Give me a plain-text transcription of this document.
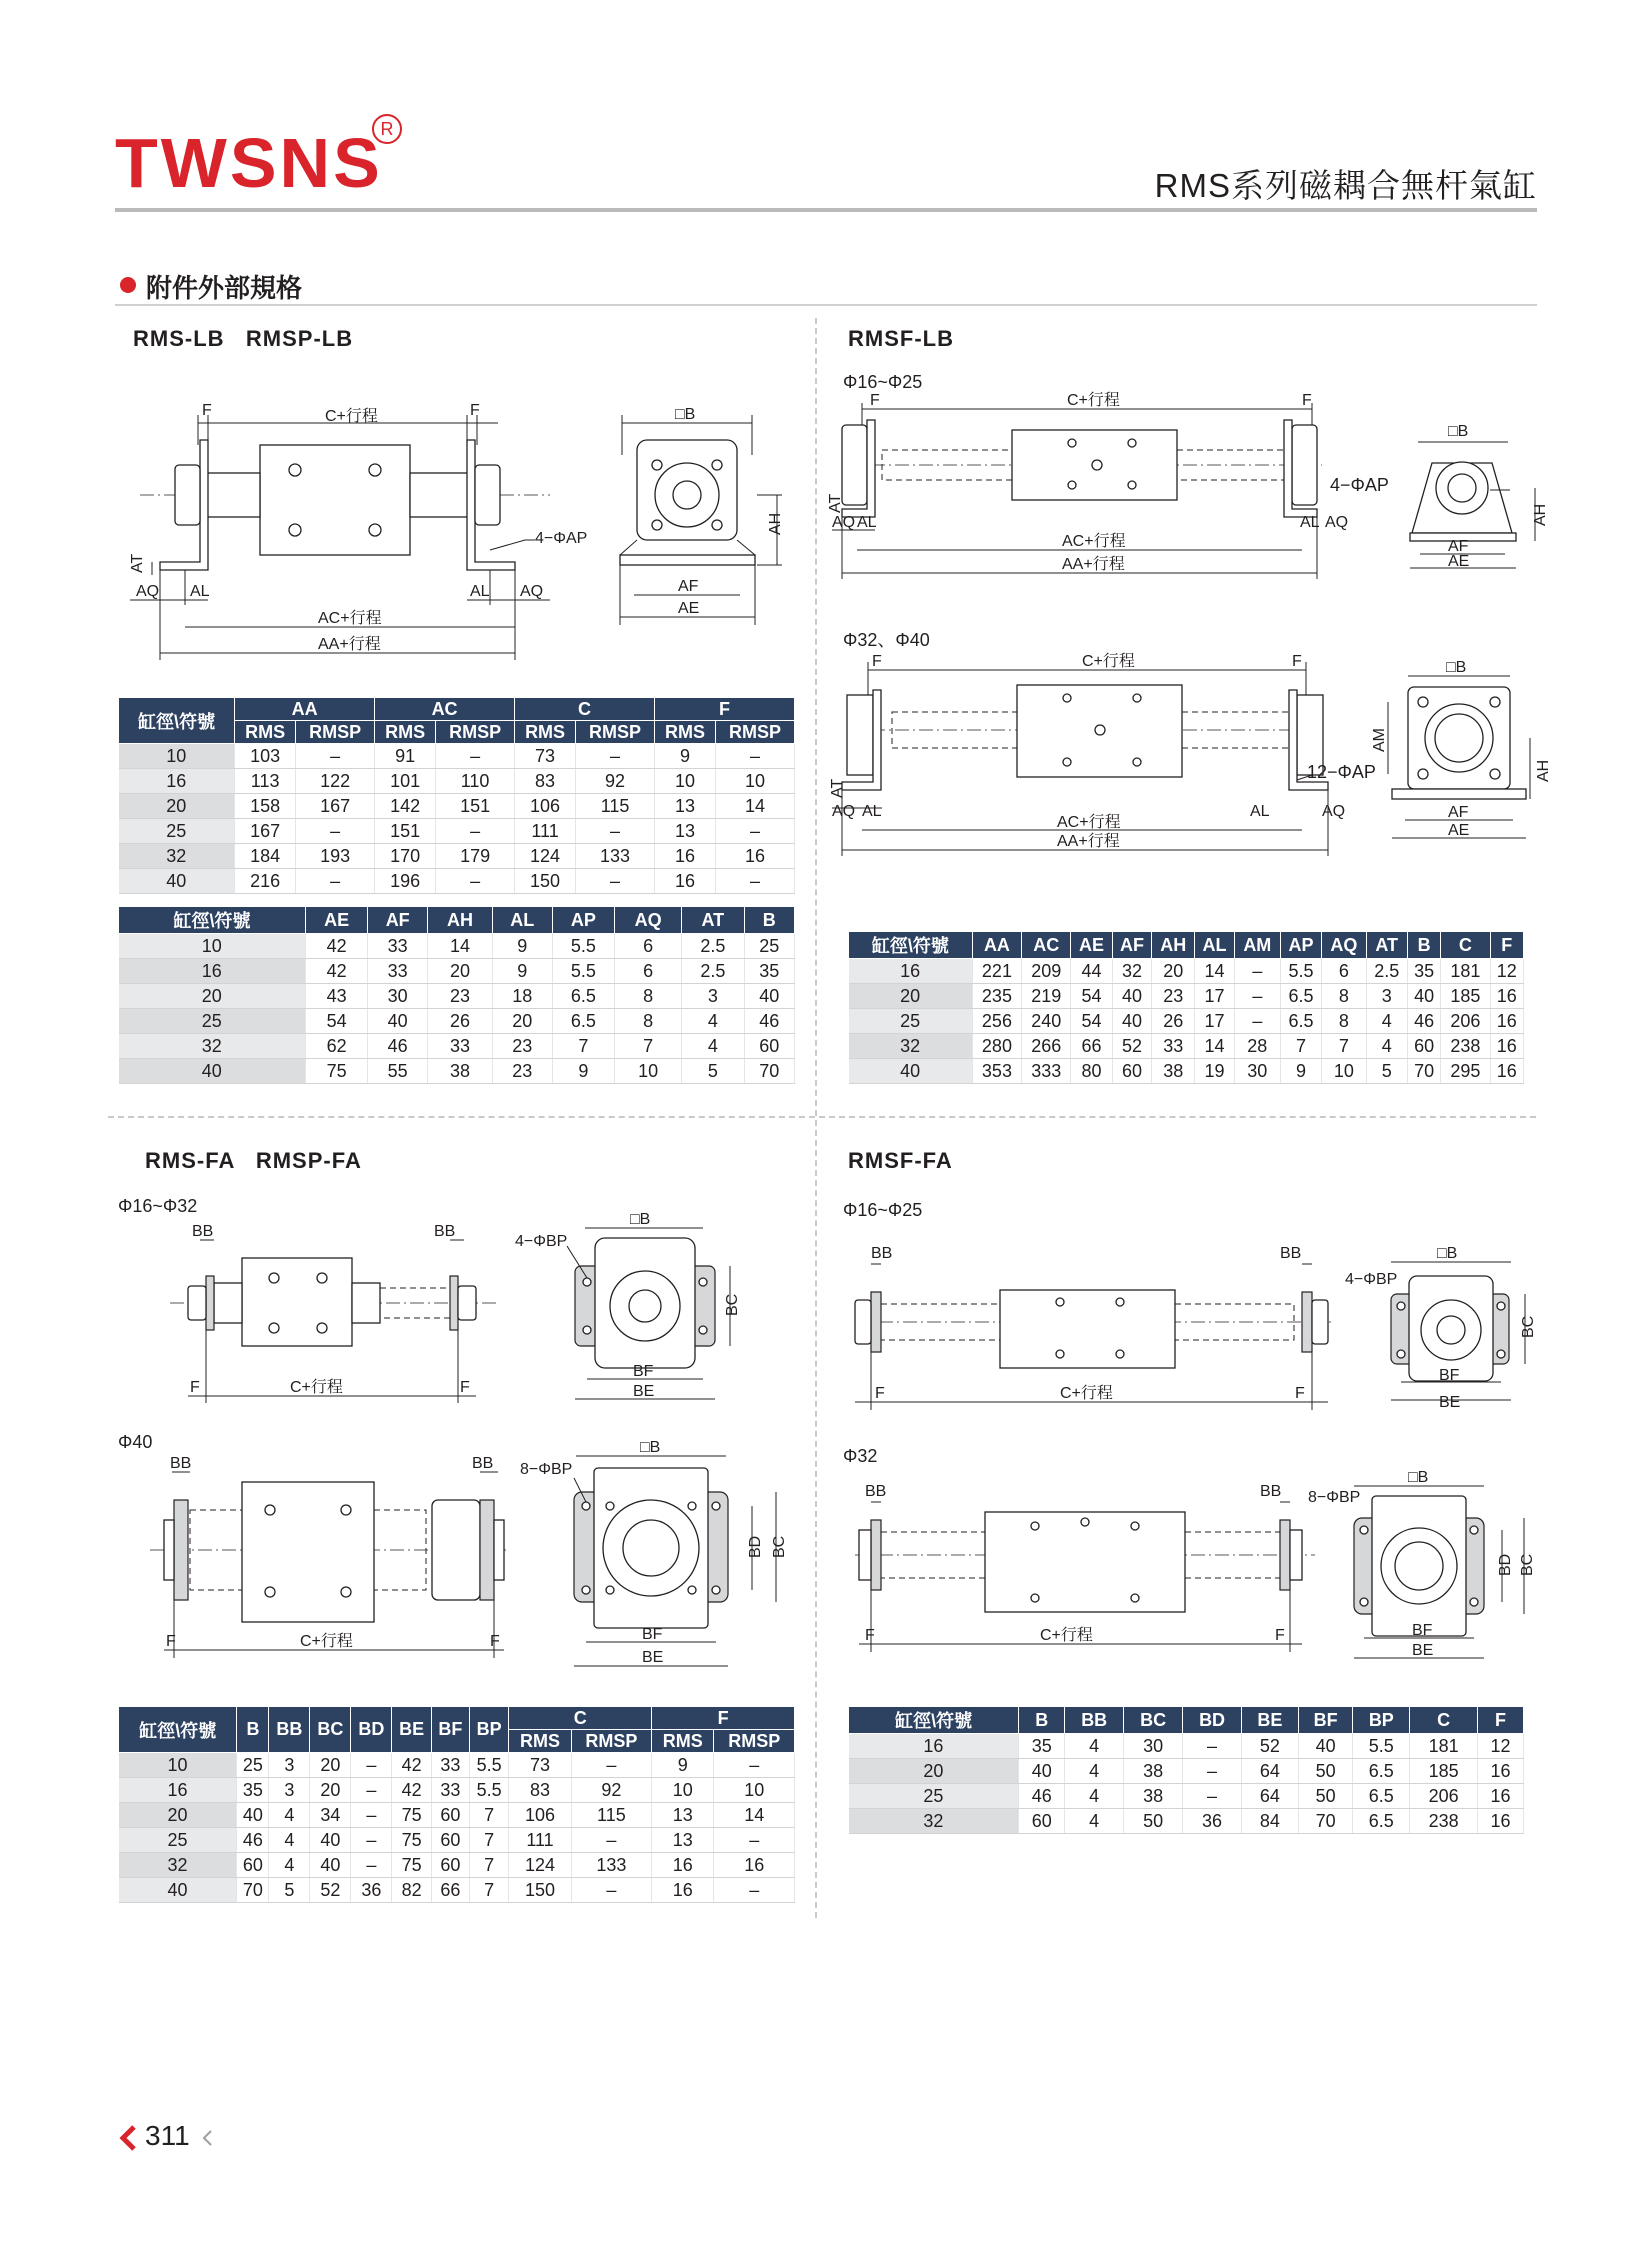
TWSNS
R
RMS系列磁耦合無杆氣缸
附件外部規格
RMS-LB   RMSP-LB	RMSF-LB
Φ16~Φ25
Φ32、Φ40
RMS-FA   RMSP-FA
Φ16~Φ32
Φ40
RMSF-FA
Φ16~Φ25
Φ32
F	C+行程	F
AT
AQ AL	AL AQ
AC+行程
AA+行程
4−ΦAP
□B
AH
AF
AE
F	C+行程	F
AT
AQ AL	AL AQ
AC+行程
AA+行程
□B
AH
AF
AE
4−ΦAP
F	C+行程	F
AT
AQ AL	AL	AQ
AC+行程
AA+行程
12−ΦAP
□B
AM
AH
AF
AE
BB	BB
F	C+行程	F
4−ΦBP
□B
BC
BF
BE
BB	BB
F	C+行程	F
8−ΦBP
□B
BD BC
BF
BE
BB	BB
F	C+行程	F
4−ΦBP
□B
BC
BF
BE
BB	BB
F	C+行程	F
8−ΦBP
□B
BD BC
BF
BE
缸徑\符號	AA		AC		C		F	
	RMS	RMSP	RMS	RMSP	RMS	RMSP	RMS	RMSP
10	103	–	91	–	73	–	9	–
16	113	122	101	110	83	92	10	10
20	158	167	142	151	106	115	13	14
25	167	–	151	–	111	–	13	–
32	184	193	170	179	124	133	16	16
40	216	–	196	–	150	–	16	–
缸徑\符號	AE	AF	AH	AL	AP	AQ	AT	B
10	42	33	14	9	5.5	6	2.5	25
16	42	33	20	9	5.5	6	2.5	35
20	43	30	23	18	6.5	8	3	40
25	54	40	26	20	6.5	8	4	46
32	62	46	33	23	7	7	4	60
40	75	55	38	23	9	10	5	70
缸徑\符號	AA	AC	AE	AF	AH	AL	AM	AP	AQ	AT	B	C	F
16	221	209	44	32	20	14	–	5.5	6	2.5	35	181	12
20	235	219	54	40	23	17	–	6.5	8	3	40	185	16
25	256	240	54	40	26	17	–	6.5	8	4	46	206	16
32	280	266	66	52	33	14	28	7	7	4	60	238	16
40	353	333	80	60	38	19	30	9	10	5	70	295	16
缸徑\符號	B	BB	BC	BD	BE	BF	BP	C		F	
								RMS	RMSP	RMS	RMSP
10	25	3	20	–	42	33	5.5	73	–	9	–
16	35	3	20	–	42	33	5.5	83	92	10	10
20	40	4	34	–	75	60	7	106	115	13	14
25	46	4	40	–	75	60	7	111	–	13	–
32	60	4	40	–	75	60	7	124	133	16	16
40	70	5	52	36	82	66	7	150	–	16	–
缸徑\符號	B	BB	BC	BD	BE	BF	BP	C	F
16	35	4	30	–	52	40	5.5	181	12
20	40	4	38	–	64	50	6.5	185	16
25	46	4	38	–	64	50	6.5	206	16
32	60	4	50	36	84	70	6.5	238	16
311
